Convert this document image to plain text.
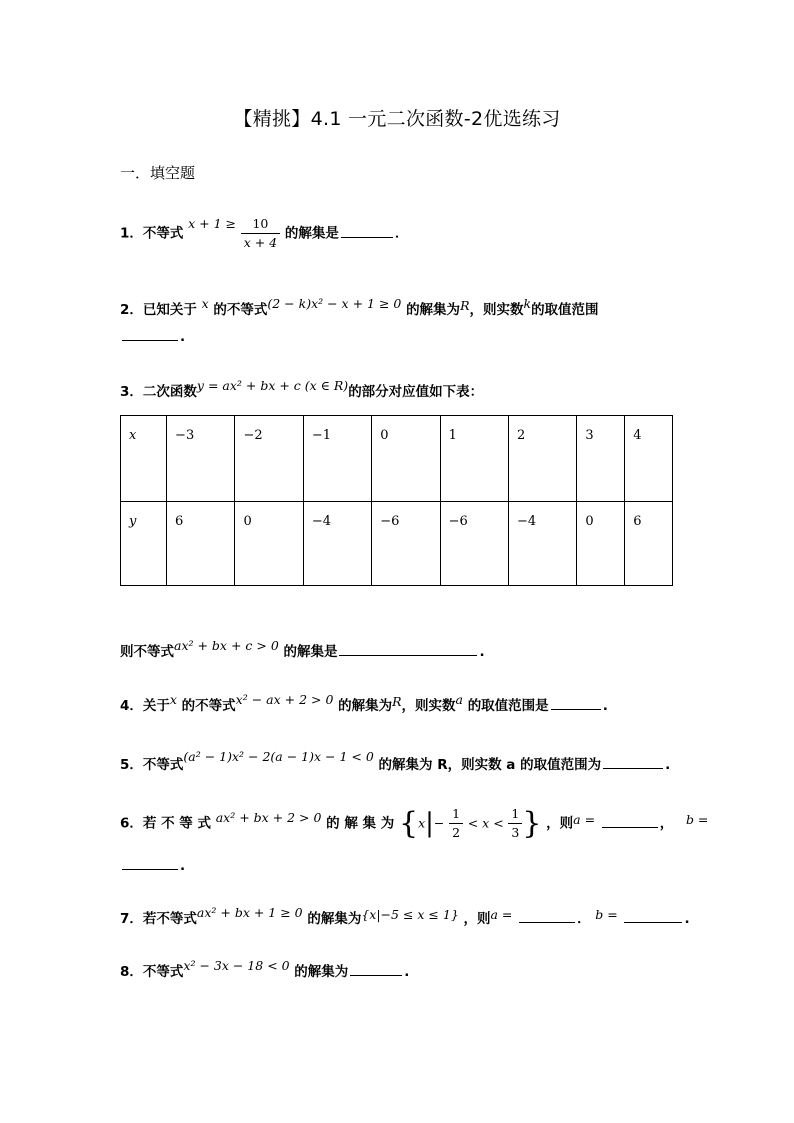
【精挑】4.1 一元二次函数-2优选练习
一．填空题
1．不等式 $x + 1 \ge \frac{10}{x + 4}$ 的解集是	．
2．已知关于 x 的不等式(2 − k)x² − x + 1 ≥ 0 的解集为R，则实数k的取值范围
.
3．二次函数y = ax² + bx + c (x ∈ R)的部分对应值如下表：
x	−3	−2	−1	0	1	2	3	4
y	6	0	−4	−6	−6	−4	0	6
则不等式ax² + bx + c > 0 的解集是	.
4．关于x 的不等式x² − ax + 2 > 0 的解集为R，则实数a 的取值范围是	.
5．不等式(a² − 1)x² − 2(a − 1)x − 1 < 0 的解集为 R，则实数 a 的取值范围为	.
6．若 不 等 式 ax² + bx + 2 > 0 的 解 集 为 {$x|- \frac{1}{2} < x < \frac{1}{3}$ } ，则a =	， b =
.
7．若不等式ax² + bx + 1 ≥ 0 的解集为{x|−5 ≤ x ≤ 1} ，则a =	． b =	.
8．不等式x² − 3x − 18 < 0 的解集为	.
